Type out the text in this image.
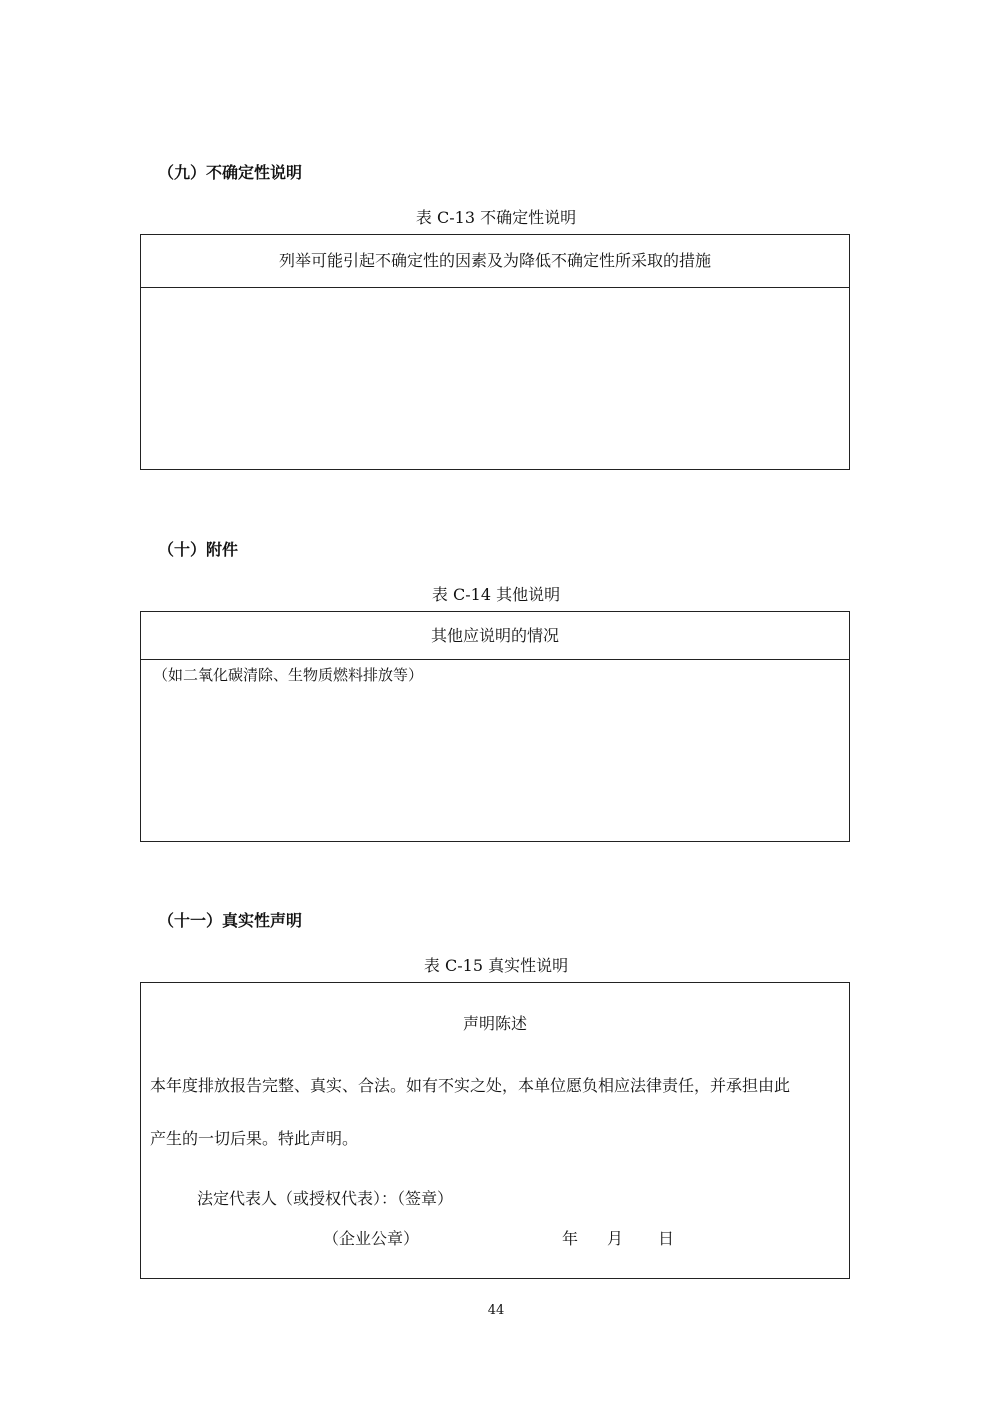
（九）不确定性说明
表 C-13 不确定性说明
列举可能引起不确定性的因素及为降低不确定性所采取的措施
（十）附件
表 C-14 其他说明
其他应说明的情况
（如二氧化碳清除、生物质燃料排放等）
（十一）真实性声明
表 C-15 真实性说明
声明陈述
本年度排放报告完整、真实、合法。如有不实之处，本单位愿负相应法律责任，并承担由此
产生的一切后果。特此声明。
法定代表人（或授权代表）：（签章）
（企业公章）	年 月 日
44
